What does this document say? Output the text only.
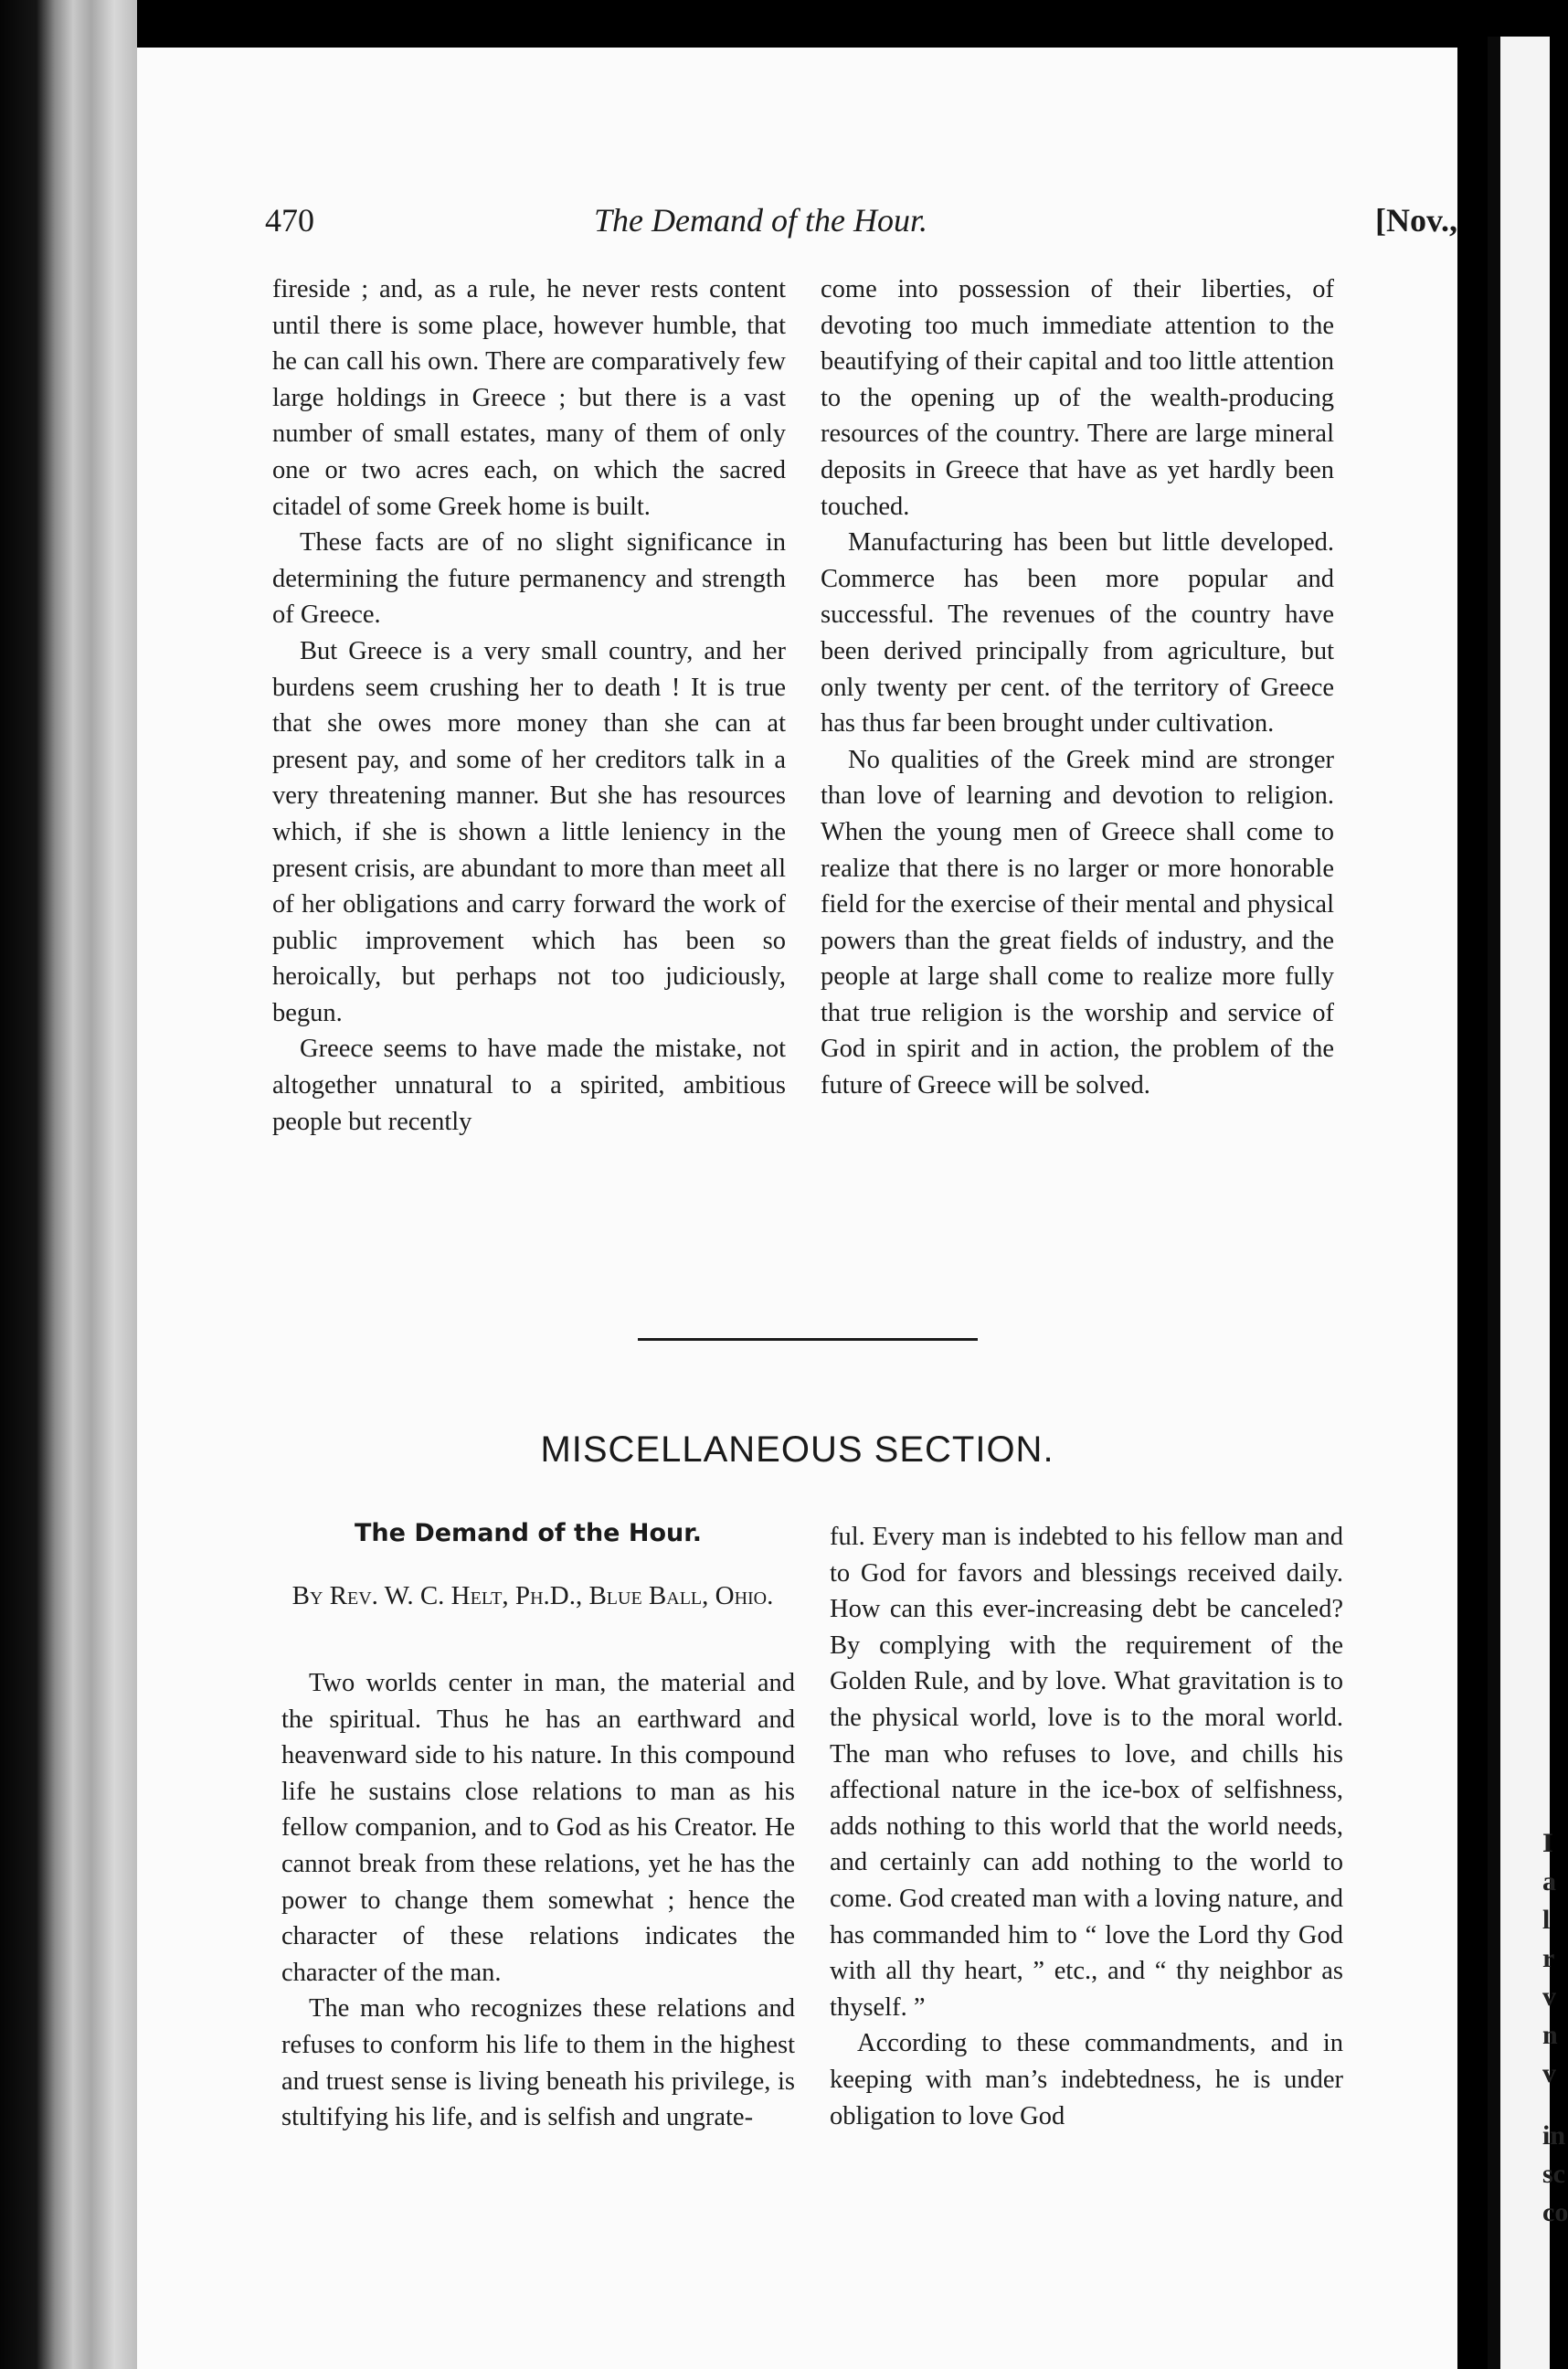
I
a
l
r
v
n
v
in
sc
co
470	The Demand of the Hour.	[Nov.,

fireside ; and, as a rule, he never rests content until there is some place, however humble, that he can call his own. There are comparatively few large holdings in Greece ; but there is a vast number of small estates, many of them of only one or two acres each, on which the sacred citadel of some Greek home is built.

These facts are of no slight significance in determining the future permanency and strength of Greece.

But Greece is a very small country, and her burdens seem crushing her to death ! It is true that she owes more money than she can at present pay, and some of her creditors talk in a very threatening manner. But she has resources which, if she is shown a little leniency in the present crisis, are abundant to more than meet all of her obligations and carry forward the work of public improvement which has been so heroically, but perhaps not too judiciously, begun.

Greece seems to have made the mistake, not altogether unnatural to a spirited, ambitious people but recently

come into possession of their liberties, of devoting too much immediate attention to the beautifying of their capital and too little attention to the opening up of the wealth-producing resources of the country. There are large mineral deposits in Greece that have as yet hardly been touched.

Manufacturing has been but little developed. Commerce has been more popular and successful. The revenues of the country have been derived principally from agriculture, but only twenty per cent. of the territory of Greece has thus far been brought under cultivation.

No qualities of the Greek mind are stronger than love of learning and devotion to religion. When the young men of Greece shall come to realize that there is no larger or more honorable field for the exercise of their mental and physical powers than the great fields of industry, and the people at large shall come to realize more fully that true religion is the worship and service of God in spirit and in action, the problem of the future of Greece will be solved.

MISCELLANEOUS SECTION.
The Demand of the Hour.
By Rev. W. C. Helt, Ph.D., Blue Ball, Ohio.

Two worlds center in man, the material and the spiritual. Thus he has an earthward and heavenward side to his nature. In this compound life he sustains close relations to man as his fellow companion, and to God as his Creator. He cannot break from these relations, yet he has the power to change them somewhat ; hence the character of these relations indicates the character of the man.

The man who recognizes these relations and refuses to conform his life to them in the highest and truest sense is living beneath his privilege, is stultifying his life, and is selfish and ungrate-

ful. Every man is indebted to his fellow man and to God for favors and blessings received daily. How can this ever-increasing debt be canceled? By complying with the requirement of the Golden Rule, and by love. What gravitation is to the physical world, love is to the moral world. The man who refuses to love, and chills his affectional nature in the ice-box of selfishness, adds nothing to this world that the world needs, and certainly can add nothing to the world to come. God created man with a loving nature, and has commanded him to “ love the Lord thy God with all thy heart, ” etc., and “ thy neighbor as thyself. ”

According to these commandments, and in keeping with man’s indebtedness, he is under obligation to love God
